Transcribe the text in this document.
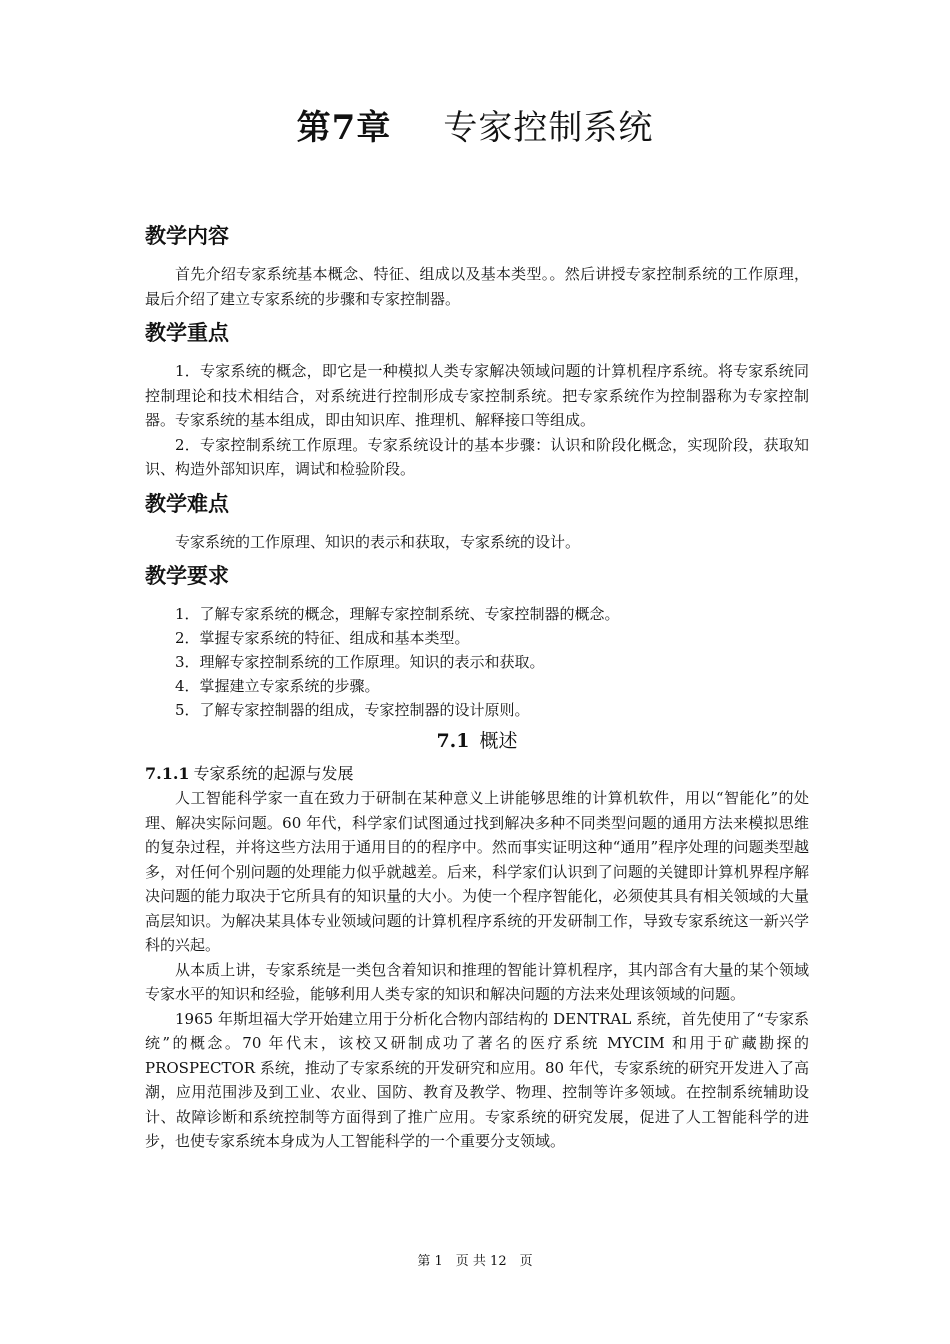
第7章 专家控制系统
教学内容

首先介绍专家系统基本概念、特征、组成以及基本类型。。然后讲授专家控制系统的工作原理，最后介绍了建立专家系统的步骤和专家控制器。

教学重点

1．专家系统的概念，即它是一种模拟人类专家解决领域问题的计算机程序系统。将专家系统同控制理论和技术相结合，对系统进行控制形成专家控制系统。把专家系统作为控制器称为专家控制器。专家系统的基本组成，即由知识库、推理机、解释接口等组成。

2．专家控制系统工作原理。专家系统设计的基本步骤：认识和阶段化概念，实现阶段，获取知识、构造外部知识库，调试和检验阶段。

教学难点

专家系统的工作原理、知识的表示和获取，专家系统的设计。

教学要求

1．了解专家系统的概念，理解专家控制系统、专家控制器的概念。

2．掌握专家系统的特征、组成和基本类型。

3．理解专家控制系统的工作原理。知识的表示和获取。

4．掌握建立专家系统的步骤。

5．了解专家控制器的组成，专家控制器的设计原则。

7.1 概述
7.1.1 专家系统的起源与发展

人工智能科学家一直在致力于研制在某种意义上讲能够思维的计算机软件，用以“智能化”的处理、解决实际问题。60 年代，科学家们试图通过找到解决多种不同类型问题的通用方法来模拟思维的复杂过程，并将这些方法用于通用目的的程序中。然而事实证明这种“通用”程序处理的问题类型越多，对任何个别问题的处理能力似乎就越差。后来，科学家们认识到了问题的关键即计算机界程序解决问题的能力取决于它所具有的知识量的大小。为使一个程序智能化，必须使其具有相关领域的大量高层知识。为解决某具体专业领域问题的计算机程序系统的开发研制工作，导致专家系统这一新兴学科的兴起。

从本质上讲，专家系统是一类包含着知识和推理的智能计算机程序，其内部含有大量的某个领域专家水平的知识和经验，能够利用人类专家的知识和解决问题的方法来处理该领域的问题。

1965 年斯坦福大学开始建立用于分析化合物内部结构的 DENTRAL 系统，首先使用了“专家系统”的概念。70 年代末，该校又研制成功了著名的医疗系统 MYCIM 和用于矿藏勘探的 PROSPECTOR 系统，推动了专家系统的开发研究和应用。80 年代，专家系统的研究开发进入了高潮，应用范围涉及到工业、农业、国防、教育及教学、物理、控制等许多领域。在控制系统辅助设计、故障诊断和系统控制等方面得到了推广应用。专家系统的研究发展，促进了人工智能科学的进步，也使专家系统本身成为人工智能科学的一个重要分支领域。

第 1　页 共 12　页
